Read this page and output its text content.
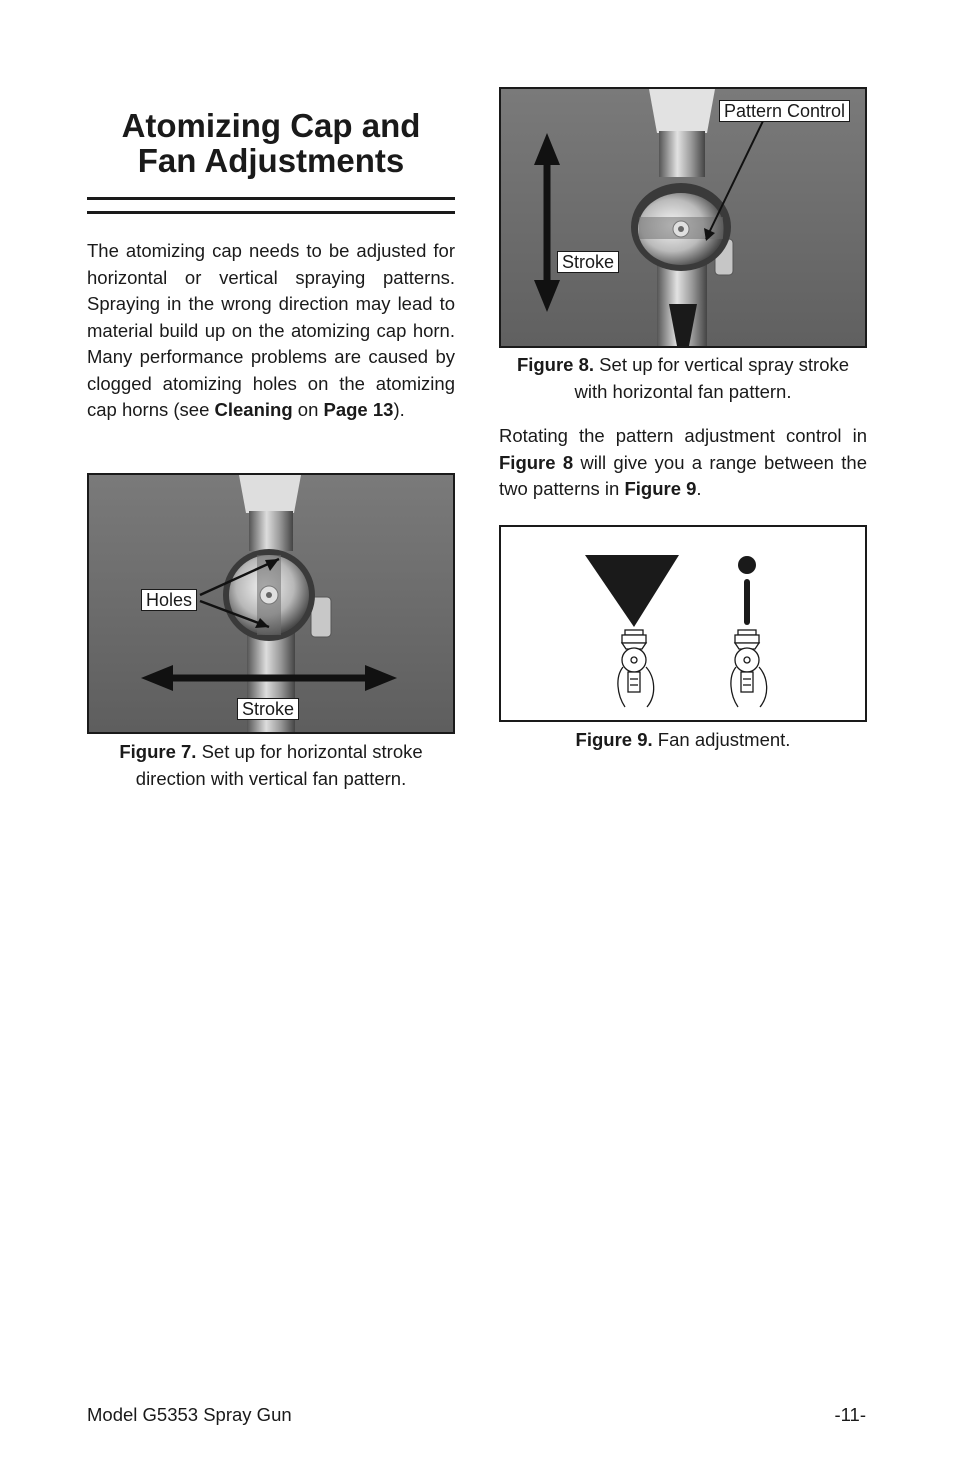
Atomizing Cap and
Fan Adjustments

The atomizing cap needs to be adjusted for horizontal or vertical spraying patterns. Spraying in the wrong direction may lead to material build up on the atomizing cap horn. Many performance problems are caused by clogged atomizing holes on the atomizing cap horns (see Cleaning on Page 13).

Holes
Stroke

Figure 7. Set up for horizontal stroke direction with vertical fan pattern.

Pattern Control
Stroke

Figure 8. Set up for vertical spray stroke with horizontal fan pattern.

Rotating the pattern adjustment control in Figure 8 will give you a range between the two patterns in Figure 9.

Figure 9. Fan adjustment.

Model G5353 Spray Gun	-11-
